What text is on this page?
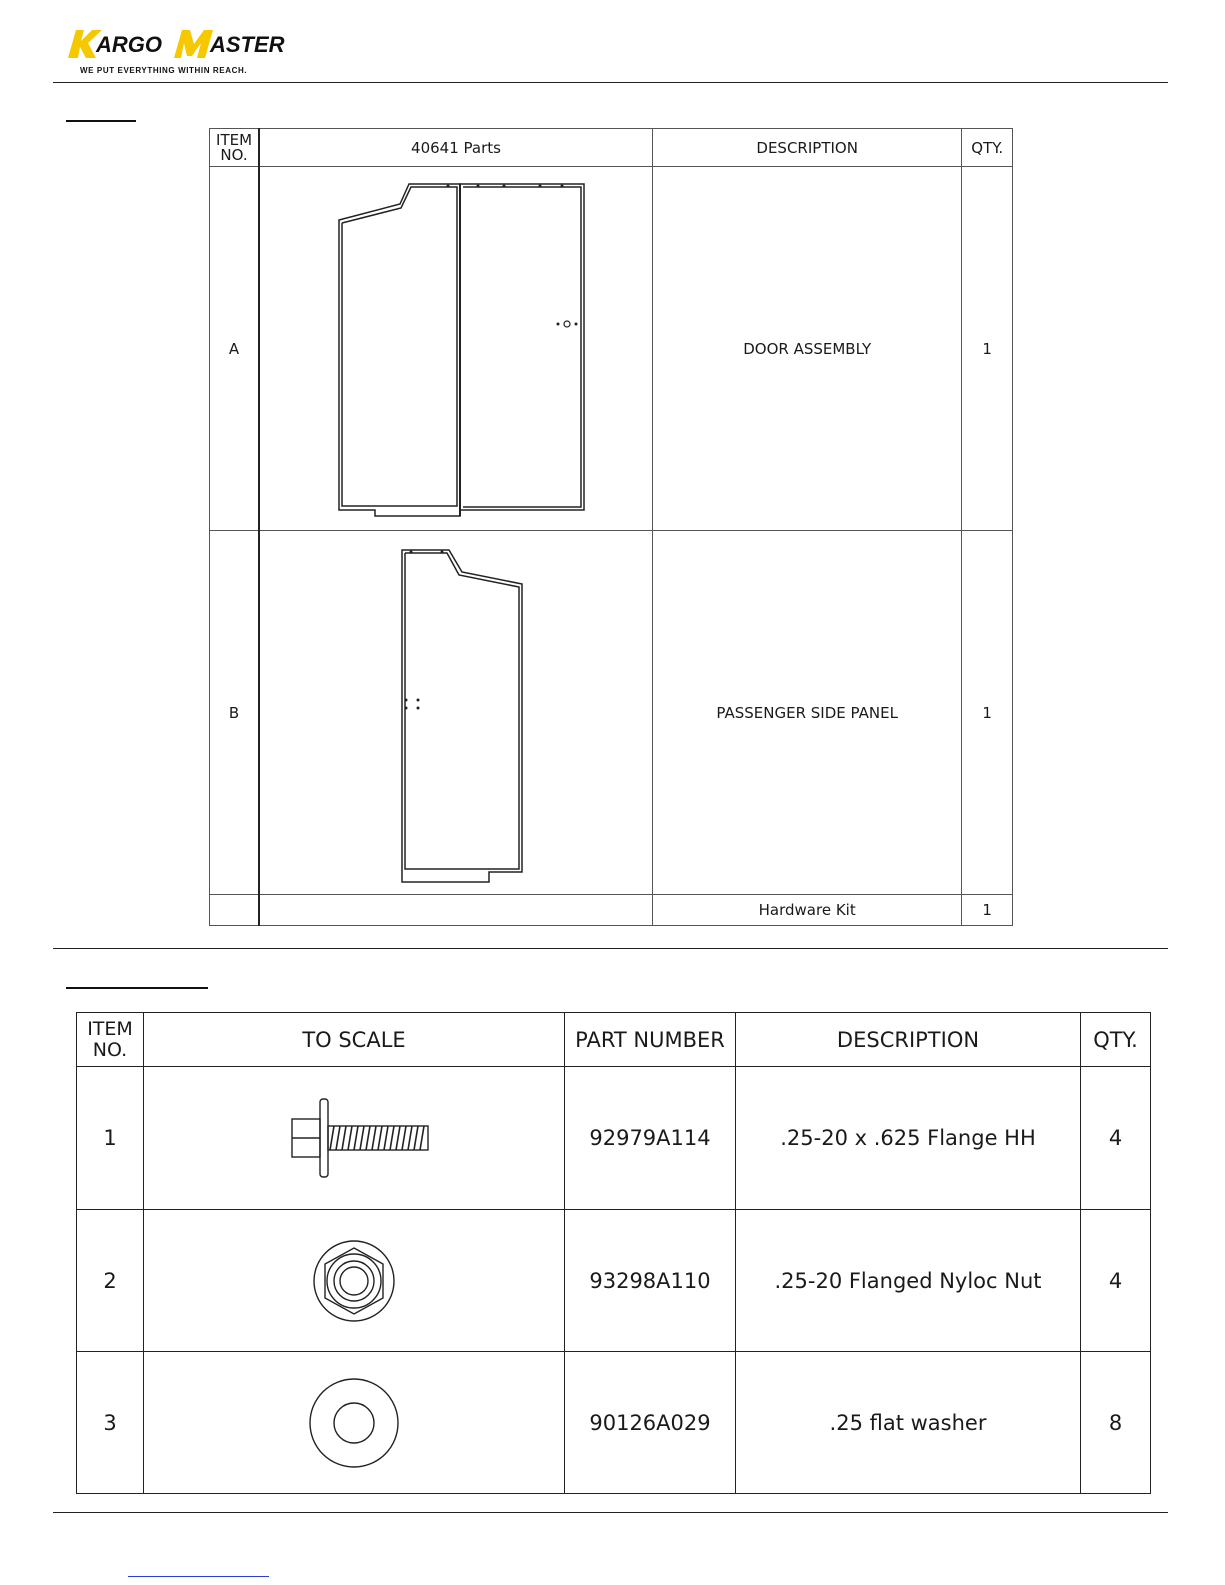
ARGO ASTER
WE PUT EVERYTHING WITHIN REACH.
ITEM NO.	40641 Parts	DESCRIPTION	QTY.
A		DOOR ASSEMBLY	1
B		PASSENGER SIDE PANEL	1
		Hardware Kit	1
ITEM NO.	TO SCALE	PART NUMBER	DESCRIPTION	QTY.
1		92979A114	.25-20 x .625 Flange HH	4
2		93298A110	.25-20 Flanged Nyloc Nut	4
3		90126A029	.25 flat washer	8
